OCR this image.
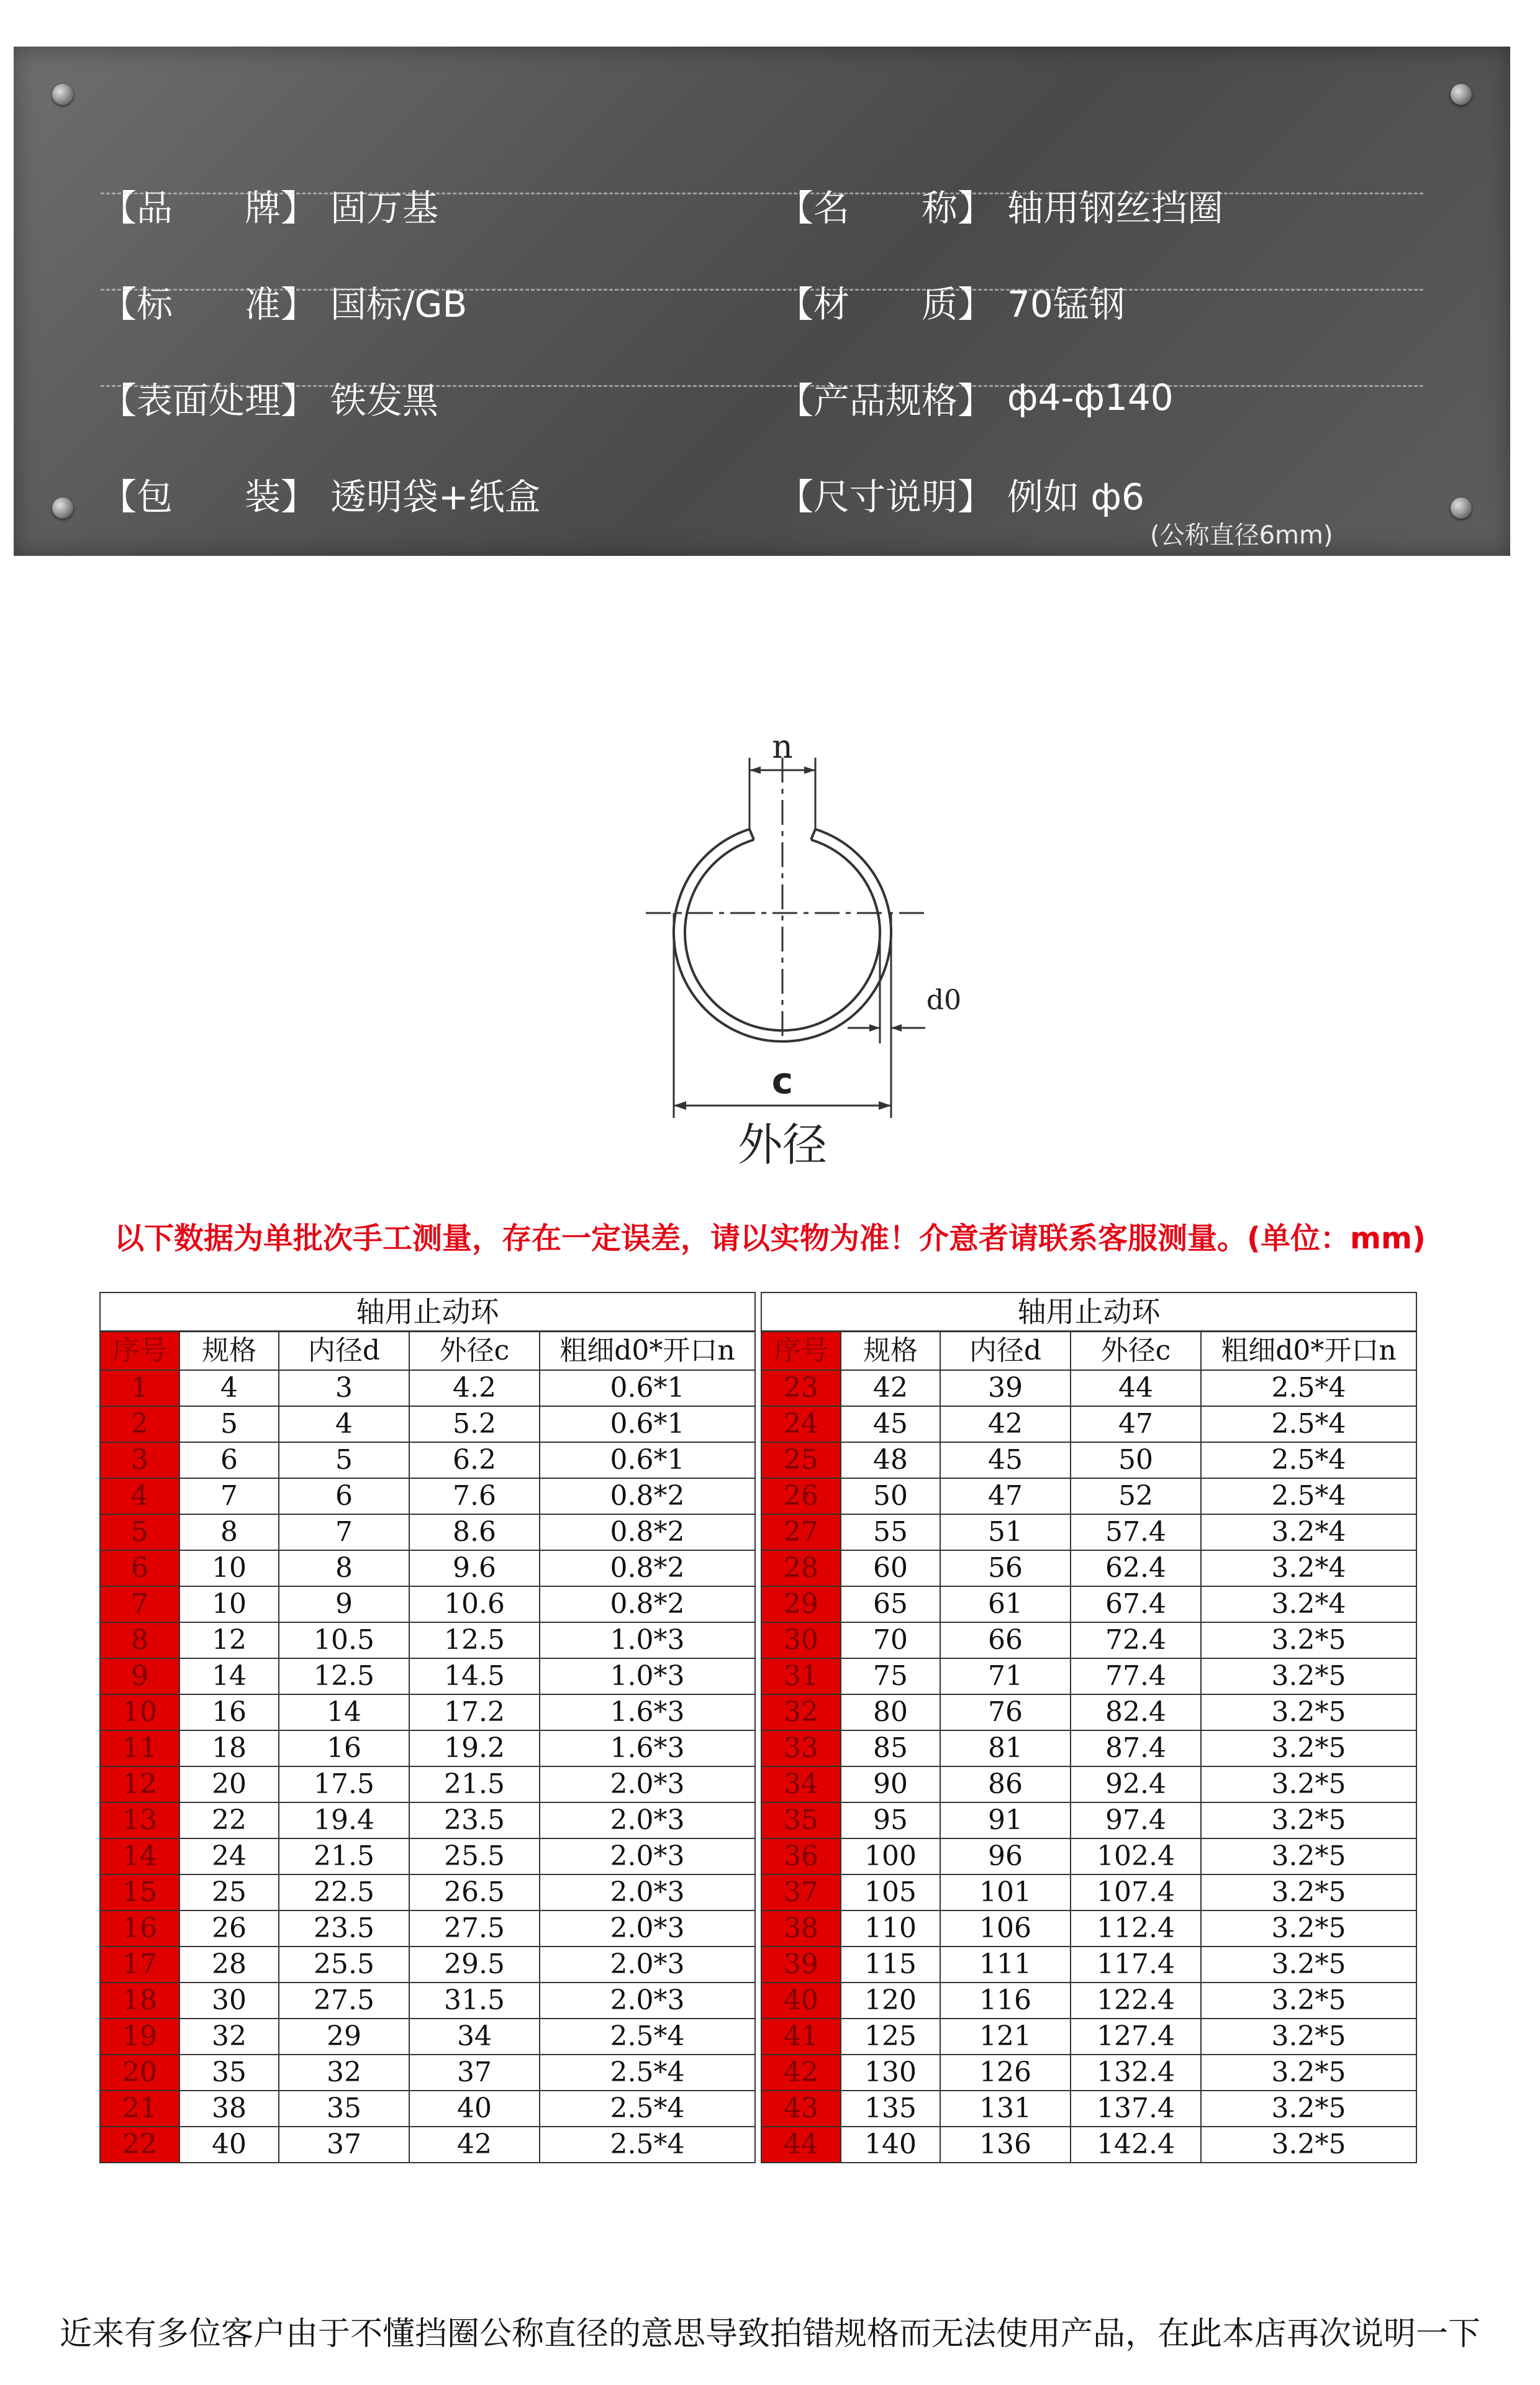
【品　　牌】 固万基	【名　　称】 轴用钢丝挡圈
【标　　准】 国标/GB	【材　　质】 70锰钢
【表面处理】 铁发黑	【产品规格】 ф4-ф140
【包　　装】 透明袋+纸盒	【尺寸说明】 例如 ф6
(公称直径6mm)
n
d0
c
外径
以下数据为单批次手工测量，存在一定误差，请以实物为准！介意者请联系客服测量。(单位：mm)
轴用止动环				
序号	规格	内径d	外径c	粗细d0*开口n
1	4	3	4.2	0.6*1
2	5	4	5.2	0.6*1
3	6	5	6.2	0.6*1
4	7	6	7.6	0.8*2
5	8	7	8.6	0.8*2
6	10	8	9.6	0.8*2
7	10	9	10.6	0.8*2
8	12	10.5	12.5	1.0*3
9	14	12.5	14.5	1.0*3
10	16	14	17.2	1.6*3
11	18	16	19.2	1.6*3
12	20	17.5	21.5	2.0*3
13	22	19.4	23.5	2.0*3
14	24	21.5	25.5	2.0*3
15	25	22.5	26.5	2.0*3
16	26	23.5	27.5	2.0*3
17	28	25.5	29.5	2.0*3
18	30	27.5	31.5	2.0*3
19	32	29	34	2.5*4
20	35	32	37	2.5*4
21	38	35	40	2.5*4
22	40	37	42	2.5*4
轴用止动环				
序号	规格	内径d	外径c	粗细d0*开口n
23	42	39	44	2.5*4
24	45	42	47	2.5*4
25	48	45	50	2.5*4
26	50	47	52	2.5*4
27	55	51	57.4	3.2*4
28	60	56	62.4	3.2*4
29	65	61	67.4	3.2*4
30	70	66	72.4	3.2*5
31	75	71	77.4	3.2*5
32	80	76	82.4	3.2*5
33	85	81	87.4	3.2*5
34	90	86	92.4	3.2*5
35	95	91	97.4	3.2*5
36	100	96	102.4	3.2*5
37	105	101	107.4	3.2*5
38	110	106	112.4	3.2*5
39	115	111	117.4	3.2*5
40	120	116	122.4	3.2*5
41	125	121	127.4	3.2*5
42	130	126	132.4	3.2*5
43	135	131	137.4	3.2*5
44	140	136	142.4	3.2*5
近来有多位客户由于不懂挡圈公称直径的意思导致拍错规格而无法使用产品，在此本店再次说明一下
